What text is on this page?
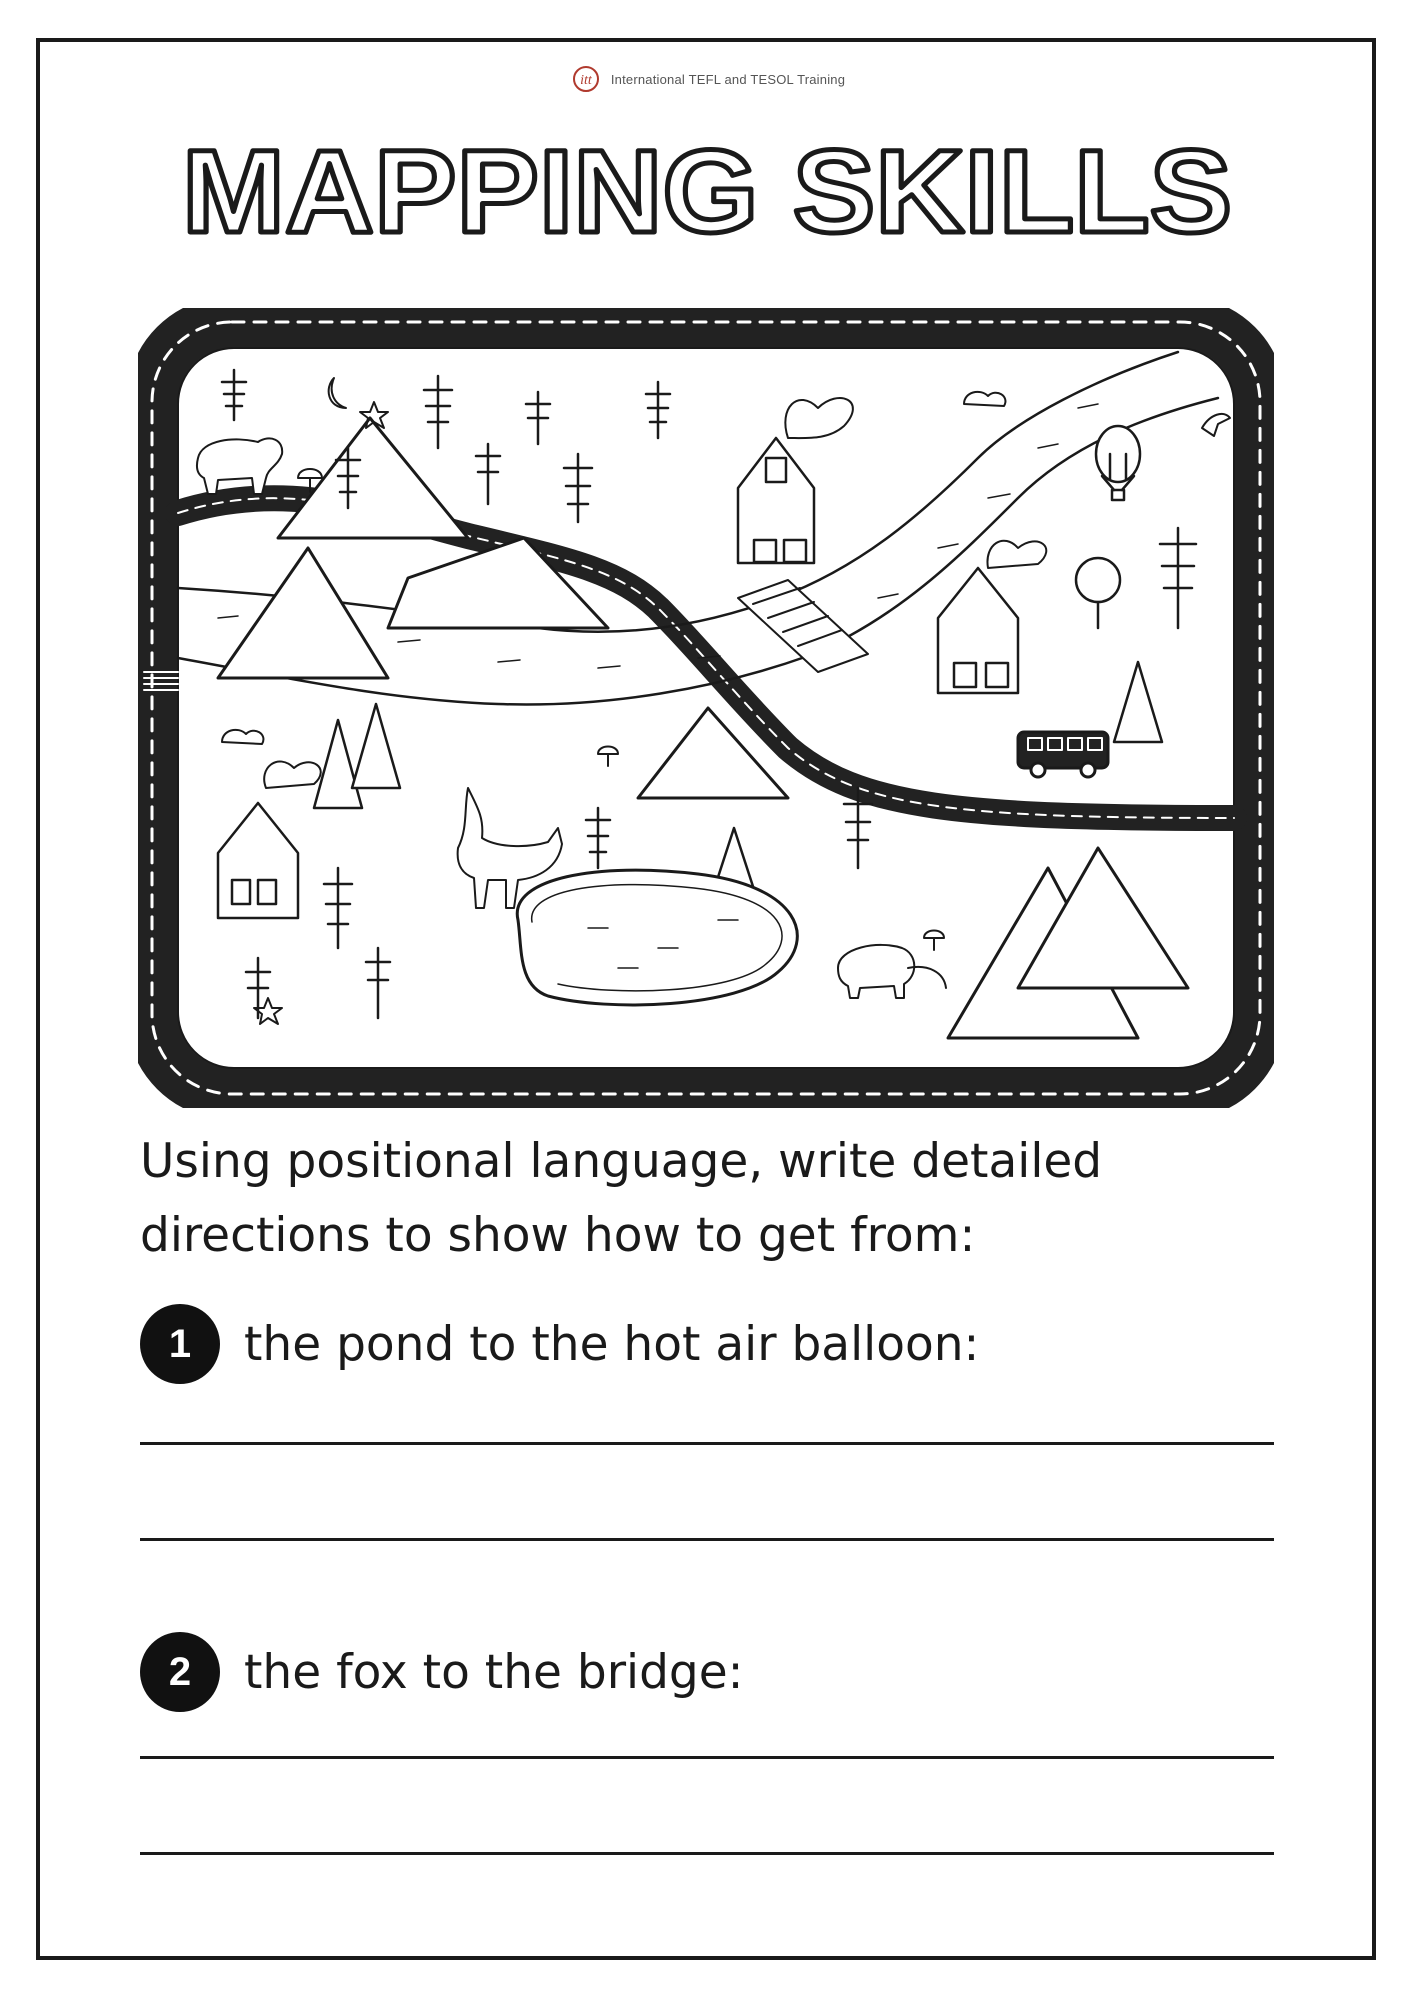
itt International TEFL and TESOL Training
MAPPING SKILLS

Using positional language, write detailed
directions to show how to get from:

1	the pond to the hot air balloon:
2	the fox to the bridge:
